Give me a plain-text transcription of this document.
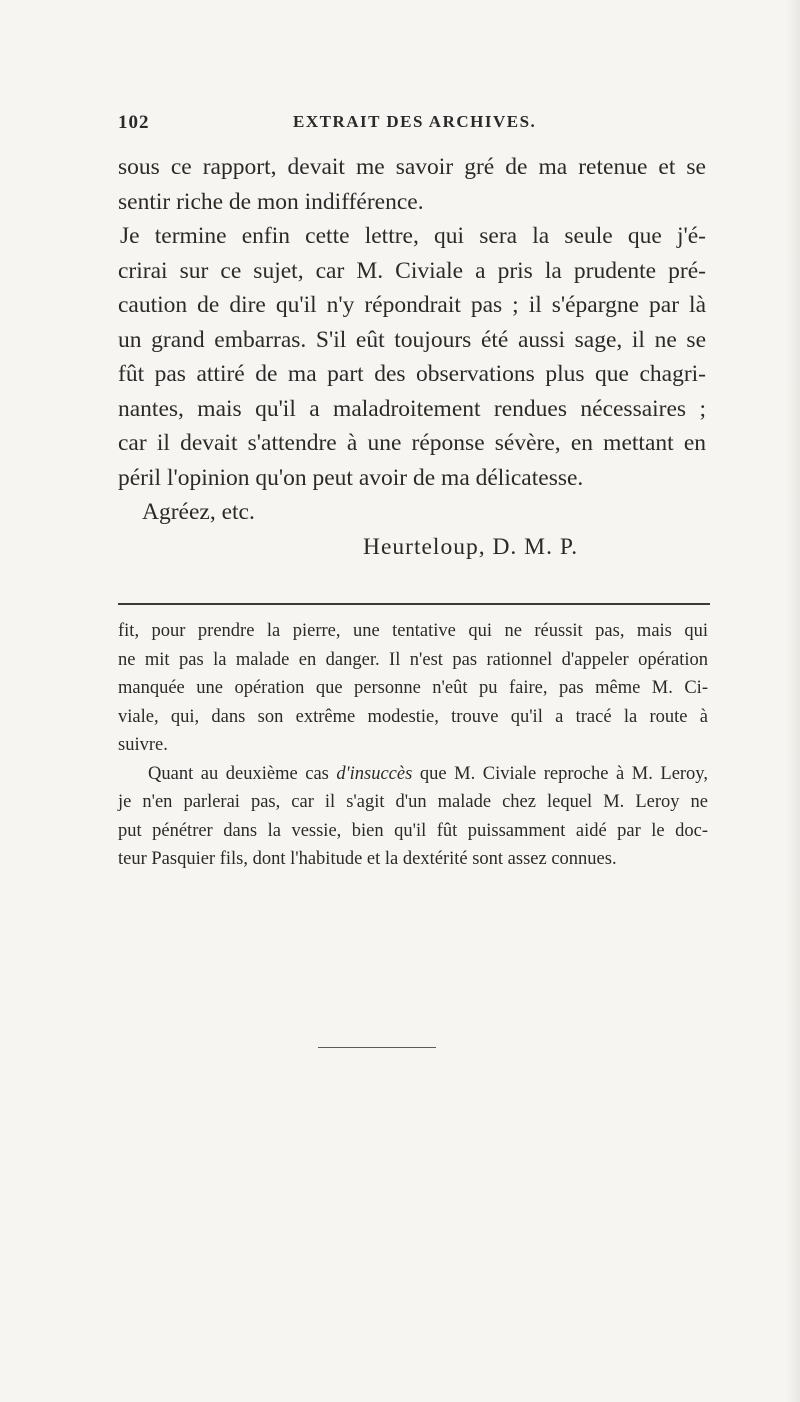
102	EXTRAIT DES ARCHIVES.
sous ce rapport, devait me savoir gré de ma retenue et se
sentir riche de mon indifférence.
Je termine enfin cette lettre, qui sera la seule que j'é-
crirai sur ce sujet, car M. Civiale a pris la prudente pré-
caution de dire qu'il n'y répondrait pas ; il s'épargne par là
un grand embarras. S'il eût toujours été aussi sage, il ne se
fût pas attiré de ma part des observations plus que chagri-
nantes, mais qu'il a maladroitement rendues nécessaires ;
car il devait s'attendre à une réponse sévère, en mettant en
péril l'opinion qu'on peut avoir de ma délicatesse.
Agréez, etc.
Heurteloup, D. M. P.
fit, pour prendre la pierre, une tentative qui ne réussit pas, mais qui
ne mit pas la malade en danger. Il n'est pas rationnel d'appeler opération
manquée une opération que personne n'eût pu faire, pas même M. Ci-
viale, qui, dans son extrême modestie, trouve qu'il a tracé la route à
suivre.
Quant au deuxième cas d'insuccès que M. Civiale reproche à M. Leroy,
je n'en parlerai pas, car il s'agit d'un malade chez lequel M. Leroy ne
put pénétrer dans la vessie, bien qu'il fût puissamment aidé par le doc-
teur Pasquier fils, dont l'habitude et la dextérité sont assez connues.
